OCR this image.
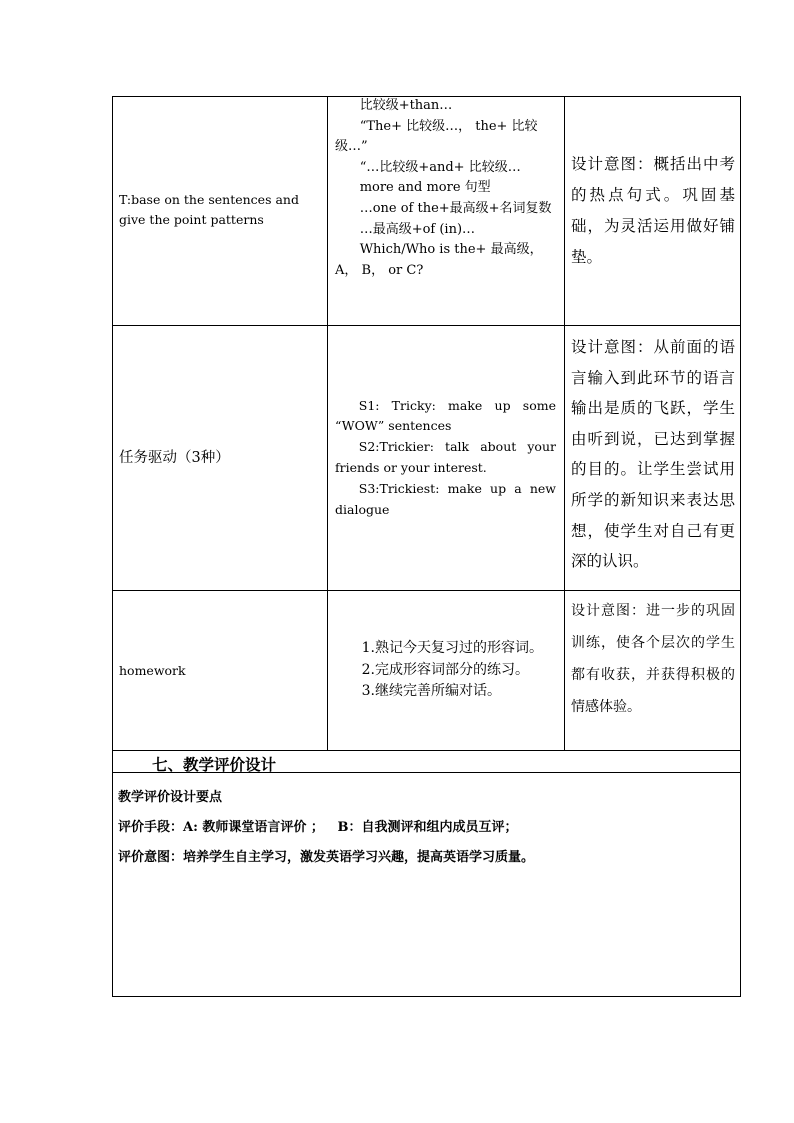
T:base on the sentences and give the point patterns

比较级+than…

“The+ 比较级…， the+ 比较级…”

“…比较级+and+ 比较级…

more and more 句型

…one of the+最高级+名词复数

…最高级+of (in)…

Which/Who is the+ 最高级， A， B， or C?

设计意图：概括出中考的热点句式。巩固基础，为灵活运用做好铺垫。

任务驱动（3种）

S1: Tricky: make up some “WOW” sentences

S2:Trickier: talk about your friends or your interest.

S3:Trickiest: make up a new dialogue

设计意图：从前面的语言输入到此环节的语言输出是质的飞跃，学生由听到说，已达到掌握的目的。让学生尝试用所学的新知识来表达思想，使学生对自己有更深的认识。

homework

1.熟记今天复习过的形容词。

2.完成形容词部分的练习。

3.继续完善所编对话。

设计意图：进一步的巩固训练，使各个层次的学生都有收获，并获得积极的情感体验。

七、教学评价设计

教学评价设计要点

评价手段：A: 教师课堂语言评价 ；   B：自我测评和组内成员互评；

评价意图：培养学生自主学习，激发英语学习兴趣，提高英语学习质量。
